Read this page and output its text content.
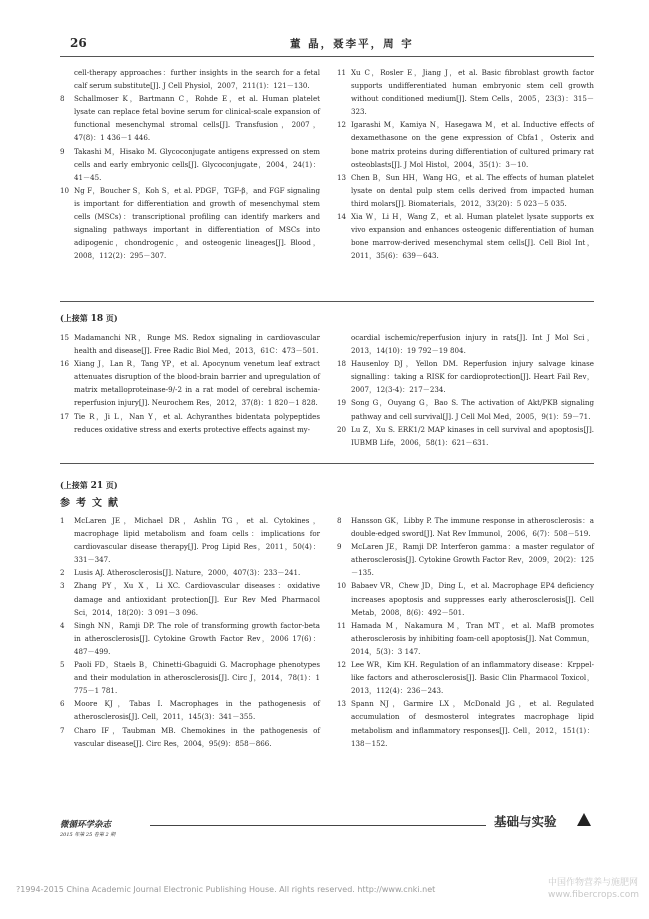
26	董 晶，聂李平，周 宇
cell-therapy approaches：further insights in the search for a fetal calf serum substitute[J]. J Cell Physiol，2007，211(1)：121－130.
8 Schallmoser K，Bartmann C，Rohde E，et al. Human platelet lysate can replace fetal bovine serum for clinical-scale expansion of functional mesenchymal stromal cells[J]. Transfusion，2007，47(8)：1 436－1 446.
9 Takashi M，Hisako M. Glycoconjugate antigens expressed on stem cells and early embryonic cells[J]. Glycoconjugate，2004，24(1)：41－45.
10 Ng F，Boucher S，Koh S，et al. PDGF，TGF-β，and FGF signaling is important for differentiation and growth of mesenchymal stem cells (MSCs)：transcriptional profiling can identify markers and signaling pathways important in differentiation of MSCs into adipogenic，chondrogenic，and osteogenic lineages[J]. Blood，2008，112(2)：295－307.
11 Xu C，Rosler E，Jiang J，et al. Basic fibroblast growth factor supports undifferentiated human embryonic stem cell growth without conditioned medium[J]. Stem Cells，2005，23(3)：315－323.
12 Igarashi M，Kamiya N，Hasegawa M，et al. Inductive effects of dexamethasone on the gene expression of Cbfa1，Osterix and bone matrix proteins during differentiation of cultured primary rat osteoblasts[J]. J Mol Histol，2004，35(1)：3－10.
13 Chen B，Sun HH，Wang HG，et al. The effects of human platelet lysate on dental pulp stem cells derived from impacted human third molars[J]. Biomaterials，2012，33(20)：5 023－5 035.
14 Xia W，Li H，Wang Z，et al. Human platelet lysate supports ex vivo expansion and enhances osteogenic differentiation of human bone marrow-derived mesenchymal stem cells[J]. Cell Biol Int，2011，35(6)：639－643.
(上接第 18 页)
15 Madamanchi NR，Runge MS. Redox signaling in cardiovascular health and disease[J]. Free Radic Biol Med，2013，61C：473－501.
16 Xiang J，Lan R，Tang YP，et al. Apocynum venetum leaf extract attenuates disruption of the blood-brain barrier and upregulation of matrix metalloproteinase-9/-2 in a rat model of cerebral ischemia-reperfusion injury[J]. Neurochem Res，2012，37(8)：1 820－1 828.
17 Tie R，Ji L，Nan Y，et al. Achyranthes bidentata polypeptides reduces oxidative stress and exerts protective effects against my-
ocardial ischemic/reperfusion injury in rats[J]. Int J Mol Sci，2013，14(10)：19 792－19 804.
18 Hausenloy DJ，Yellon DM. Reperfusion injury salvage kinase signalling：taking a RISK for cardioprotection[J]. Heart Fail Rev，2007，12(3-4)：217－234.
19 Song G，Ouyang G，Bao S. The activation of Akt/PKB signaling pathway and cell survival[J]. J Cell Mol Med，2005，9(1)：59－71.
20 Lu Z，Xu S. ERK1/2 MAP kinases in cell survival and apoptosis[J]. IUBMB Life，2006，58(1)：621－631.
(上接第 21 页)
参考文献
1 McLaren JE，Michael DR，Ashlin TG，et al. Cytokines，macrophage lipid metabolism and foam cells：implications for cardiovascular disease therapy[J]. Prog Lipid Res，2011，50(4)：331－347.
2 Lusis AJ. Atherosclerosis[J]. Nature，2000，407(3)：233－241.
3 Zhang PY，Xu X，Li XC. Cardiovascular diseases：oxidative damage and antioxidant protection[J]. Eur Rev Med Pharmacol Sci，2014，18(20)：3 091－3 096.
4 Singh NN，Ramji DP. The role of transforming growth factor-beta in atherosclerosis[J]. Cytokine Growth Factor Rev，2006 17(6)：487－499.
5 Paoli FD，Staels B，Chinetti-Gbaguidi G. Macrophage phenotypes and their modulation in atherosclerosis[J]. Circ J，2014，78(1)：1 775－1 781.
6 Moore KJ，Tabas I. Macrophages in the pathogenesis of atherosclerosis[J]. Cell，2011，145(3)：341－355.
7 Charo IF，Taubman MB. Chemokines in the pathogenesis of vascular disease[J]. Circ Res，2004，95(9)：858－866.
8 Hansson GK，Libby P. The immune response in atherosclerosis：a double-edged sword[J]. Nat Rev Immunol，2006，6(7)：508－519.
9 McLaren JE，Ramji DP. Interferon gamma：a master regulator of atherosclerosis[J]. Cytokine Growth Factor Rev，2009，20(2)：125－135.
10 Babaev VR，Chew JD，Ding L，et al. Macrophage EP4 deficiency increases apoptosis and suppresses early atherosclerosis[J]. Cell Metab，2008，8(6)：492－501.
11 Hamada M，Nakamura M，Tran MT，et al. MafB promotes atherosclerosis by inhibiting foam-cell apoptosis[J]. Nat Commun，2014，5(3)：3 147.
12 Lee WR，Kim KH. Regulation of an inflammatory disease：Krppel-like factors and atherosclerosis[J]. Basic Clin Pharmacol Toxicol，2013，112(4)：236－243.
13 Spann NJ，Garmire LX，McDonald JG，et al. Regulated accumulation of desmosterol integrates macrophage lipid metabolism and inflammatory responses[J]. Cell，2012，151(1)：138－152.
微循环学杂志
2015 年第 25 卷第 2 期
基础与实验
?1994-2015 China Academic Journal Electronic Publishing House. All rights reserved. http://www.cnki.net
中国作物营养与施肥网
www.fibercrops.com
